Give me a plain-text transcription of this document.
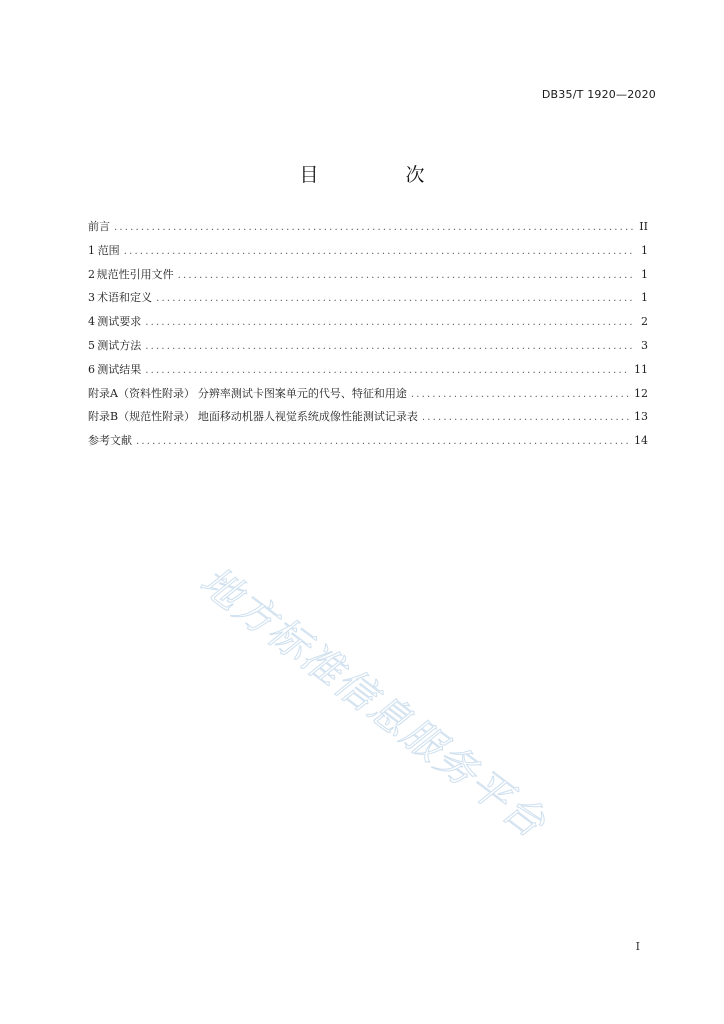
DB35/T 1920—2020
目　次
前言 .....	II
1 范围 .....	1
2 规范性引用文件 .....	1
3 术语和定义 .....	1
4 测试要求 .....	2
5 测试方法 .....	3
6 测试结果 .....	11
附录A（资料性附录） 分辨率测试卡图案单元的代号、特征和用途 .....	12
附录B（规范性附录） 地面移动机器人视觉系统成像性能测试记录表 .....	13
参考文献 .....	14
地方标准信息服务平台
I
